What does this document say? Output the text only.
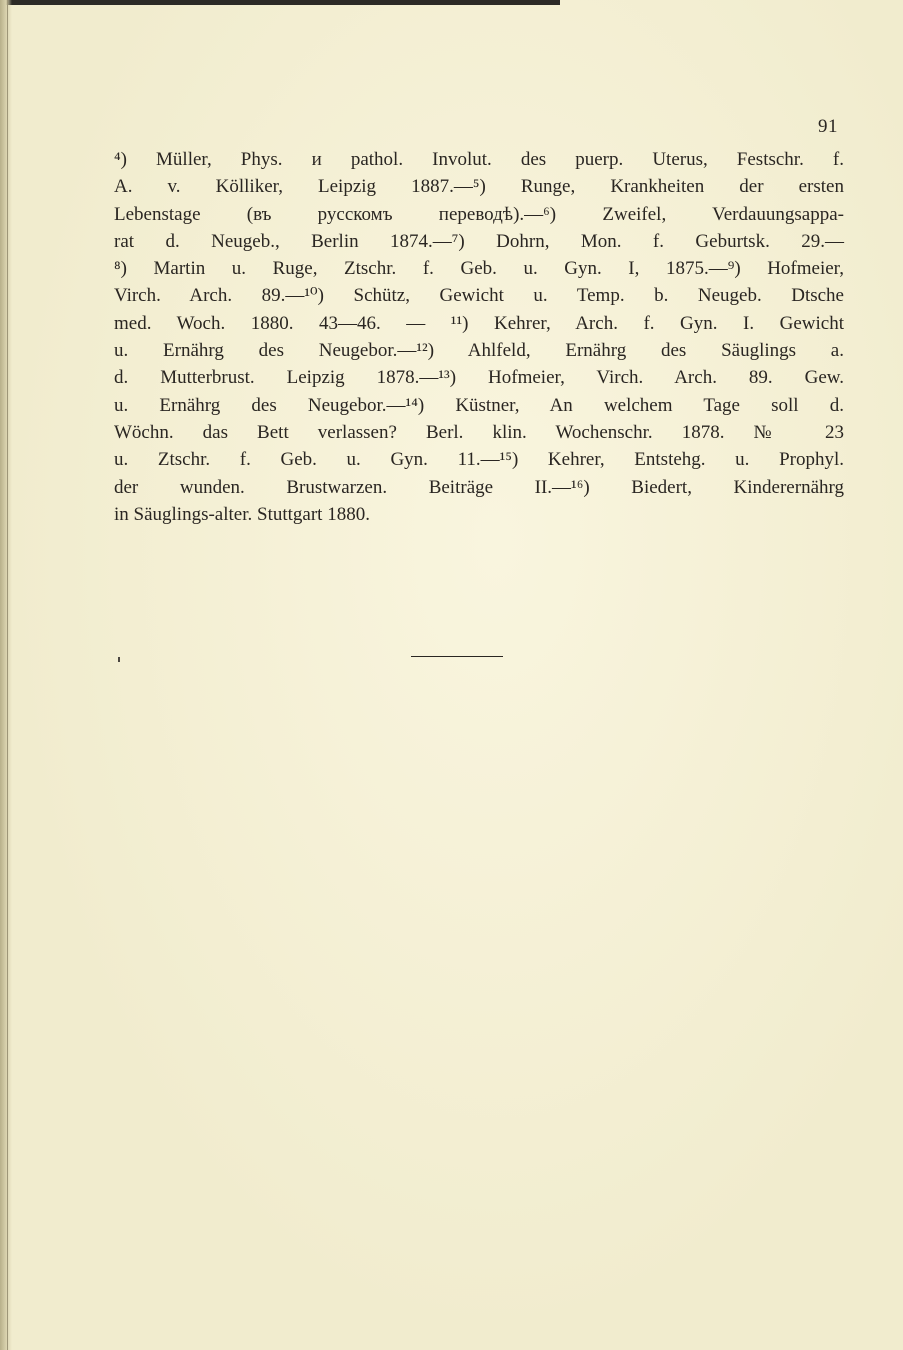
91
⁴) Müller, Phys. и pathol. Involut. des puerp. Uterus, Festschr. f.
A. v. Kölliker, Leipzig 1887.—⁵) Runge, Krankheiten der ersten
Lebenstage (въ русскомъ переводѣ).—⁶) Zweifel, Verdauungsappa-
rat d. Neugeb., Berlin 1874.—⁷) Dohrn, Mon. f. Geburtsk. 29.—
⁸) Martin u. Ruge, Ztschr. f. Geb. u. Gyn. I, 1875.—⁹) Hofmeier,
Virch. Arch. 89.—¹⁰) Schütz, Gewicht u. Temp. b. Neugeb. Dtsche
med. Woch. 1880. 43—46. — ¹¹) Kehrer, Arch. f. Gyn. I. Gewicht
u. Ernährg des Neugebor.—¹²) Ahlfeld, Ernährg des Säuglings a.
d. Mutterbrust. Leipzig 1878.—¹³) Hofmeier, Virch. Arch. 89. Gew.
u. Ernährg des Neugebor.—¹⁴) Küstner, An welchem Tage soll d.
Wöchn. das Bett verlassen? Berl. klin. Wochenschr. 1878. № 23
u. Ztschr. f. Geb. u. Gyn. 11.—¹⁵) Kehrer, Entstehg. u. Prophyl.
der wunden. Brustwarzen. Beiträge II.—¹⁶) Biedert, Kinderernährg
in Säuglings-alter. Stuttgart 1880.
